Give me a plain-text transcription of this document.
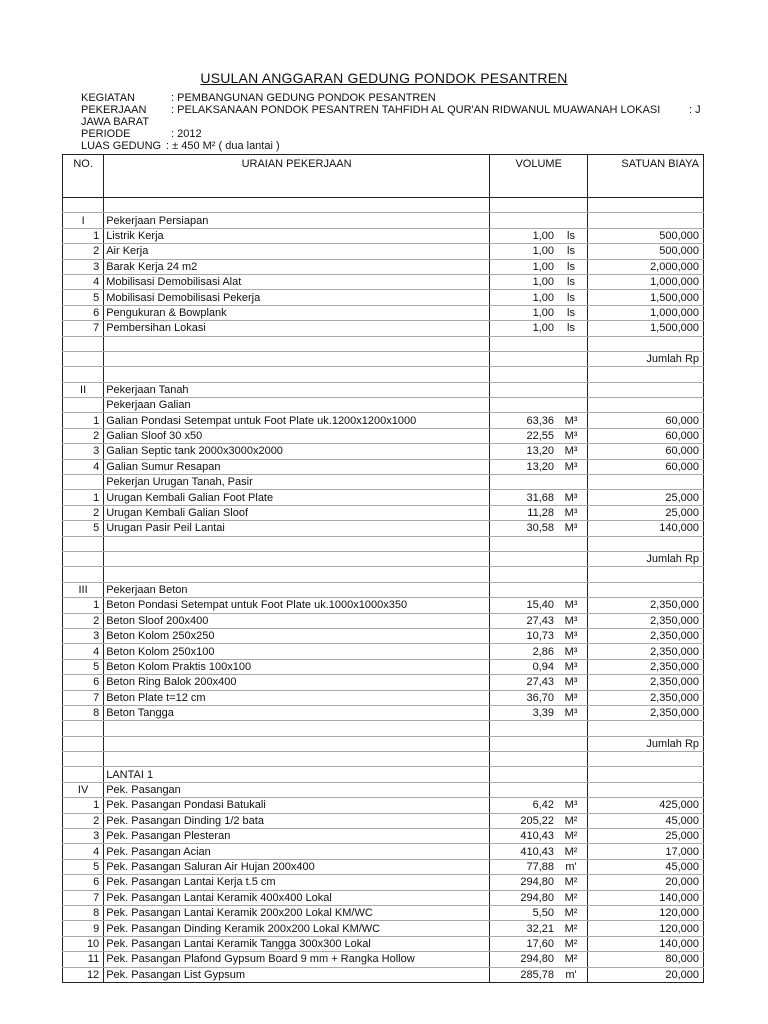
USULAN ANGGARAN GEDUNG PONDOK PESANTREN
KEGIATAN	: PEMBANGUNAN GEDUNG PONDOK PESANTREN
PEKERJAAN : PELAKSANAAN PONDOK PESANTREN TAHFIDH AL QUR'AN RIDWANUL MUAWANAH LOKASI	: J
JAWA BARAT
PERIODE	: 2012
LUAS GEDUNG : ± 450 M² ( dua lantai )
NO.	URAIAN PEKERJAAN	VOLUME	SATUAN BIAYA

I	Pekerjaan Persiapan		
1	Listrik Kerja	1,00 ls	500,000
2	Air Kerja	1,00 ls	500,000
3	Barak Kerja 24 m2	1,00 ls	2,000,000
4	Mobilisasi Demobilisasi Alat	1,00 ls	1,000,000
5	Mobilisasi Demobilisasi Pekerja	1,00 ls	1,500,000
6	Pengukuran & Bowplank	1,00 ls	1,000,000
7	Pembersihan Lokasi	1,00 ls	1,500,000

			Jumlah Rp

II	Pekerjaan Tanah		
	Pekerjaan Galian		
1	Galian Pondasi Setempat untuk Foot Plate uk.1200x1200x1000	63,36 M³	60,000
2	Galian Sloof 30 x50	22,55 M³	60,000
3	Galian Septic tank 2000x3000x2000	13,20 M³	60,000
4	Galian Sumur Resapan	13,20 M³	60,000
	Pekerjan Urugan Tanah, Pasir		
1	Urugan Kembali Galian Foot Plate	31,68 M³	25,000
2	Urugan Kembali Galian Sloof	11,28 M³	25,000
5	Urugan Pasir Peil Lantai	30,58 M³	140,000

			Jumlah Rp

III	Pekerjaan Beton		
1	Beton Pondasi Setempat untuk Foot Plate uk.1000x1000x350	15,40 M³	2,350,000
2	Beton Sloof 200x400	27,43 M³	2,350,000
3	Beton Kolom 250x250	10,73 M³	2,350,000
4	Beton Kolom 250x100	2,86 M³	2,350,000
5	Beton Kolom Praktis 100x100	0,94 M³	2,350,000
6	Beton Ring Balok 200x400	27,43 M³	2,350,000
7	Beton Plate t=12 cm	36,70 M³	2,350,000
8	Beton Tangga	3,39 M³	2,350,000

			Jumlah Rp

	LANTAI 1		
IV	Pek. Pasangan		
1	Pek. Pasangan Pondasi Batukali	6,42 M³	425,000
2	Pek. Pasangan Dinding 1/2 bata	205,22 M²	45,000
3	Pek. Pasangan Plesteran	410,43 M²	25,000
4	Pek. Pasangan Acian	410,43 M²	17,000
5	Pek. Pasangan Saluran Air Hujan 200x400	77,88 m'	45,000
6	Pek. Pasangan Lantai Kerja t.5 cm	294,80 M²	20,000
7	Pek. Pasangan Lantai Keramik 400x400 Lokal	294,80 M²	140,000
8	Pek. Pasangan Lantai Keramik 200x200 Lokal KM/WC	5,50 M²	120,000
9	Pek. Pasangan Dinding Keramik 200x200 Lokal KM/WC	32,21 M²	120,000
10	Pek. Pasangan Lantai Keramik Tangga 300x300 Lokal	17,60 M²	140,000
11	Pek. Pasangan Plafond Gypsum Board 9 mm + Rangka Hollow	294,80 M²	80,000
12	Pek. Pasangan List Gypsum	285,78 m'	20,000
